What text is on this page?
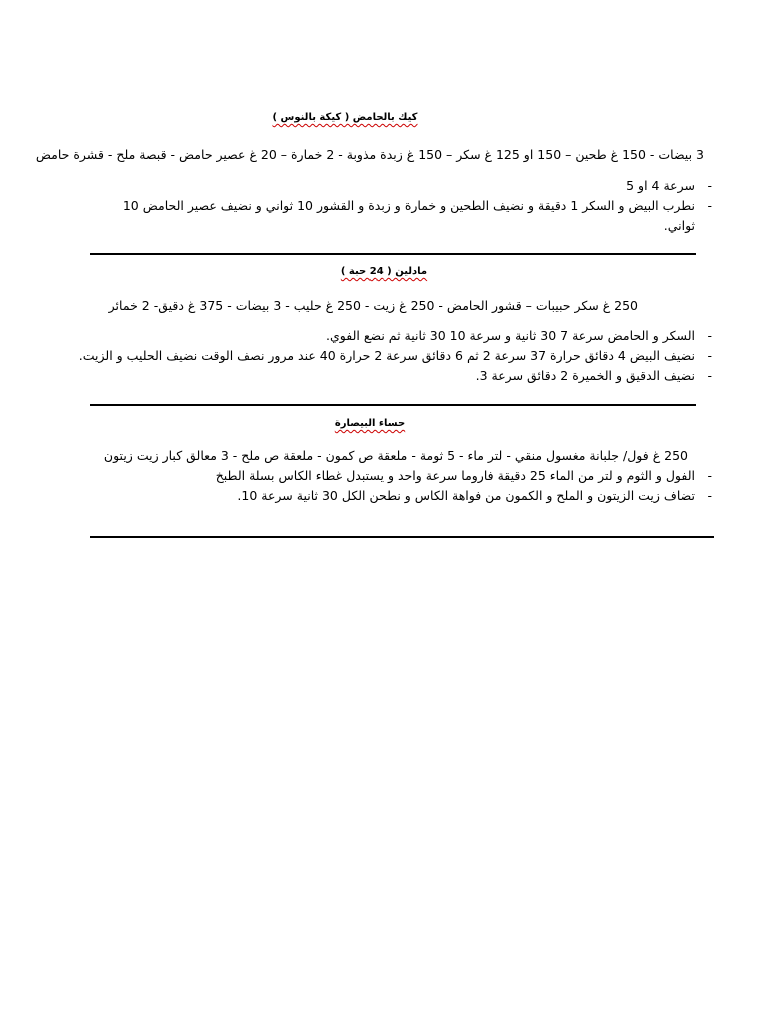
كيك بالحامض ( كيكة بالنوس )
3 بيضات - 150 غ طحين – 150 او 125 غ سكر – 150 غ زبدة مذوبة - 2 خمارة – 20 غ عصير حامض - قبصة ملح - قشرة حامض
-
سرعة 4 او 5
-
نطرب البيض و السكر 1 دقيقة و نضيف الطحين و خمارة و زبدة و القشور 10 ثواني و نضيف عصير الحامض 10 ثواني.
مادلين ( 24 حبة )
250 غ سكر حبيبات – قشور الحامض - 250 غ زيت - 250 غ حليب - 3 بيضات - 375 غ دقيق- 2 خمائر
-
السكر و الحامض سرعة 7 30 ثانية و سرعة 10 30 ثانية ثم نضع الفوي.
-
نضيف البيض 4 دقائق حرارة 37 سرعة 2 ثم 6 دقائق سرعة 2 حرارة 40 عند مرور نصف الوقت نضيف الحليب و الزيت.
-
نضيف الدقيق و الخميرة 2 دقائق سرعة 3.
حساء البيصارة
250 غ فول/ جلبانة مغسول منقي - لتر ماء - 5 ثومة - ملعقة ص كمون - ملعقة ص ملح - 3 معالق كبار زيت زيتون
-
الفول و الثوم و لتر من الماء 25 دقيقة فاروما سرعة واحد و يستبدل غطاء الكاس بسلة الطبخ
-
تضاف زيت الزيتون و الملح و الكمون من فواهة الكاس و نطحن الكل 30 ثانية سرعة 10.
